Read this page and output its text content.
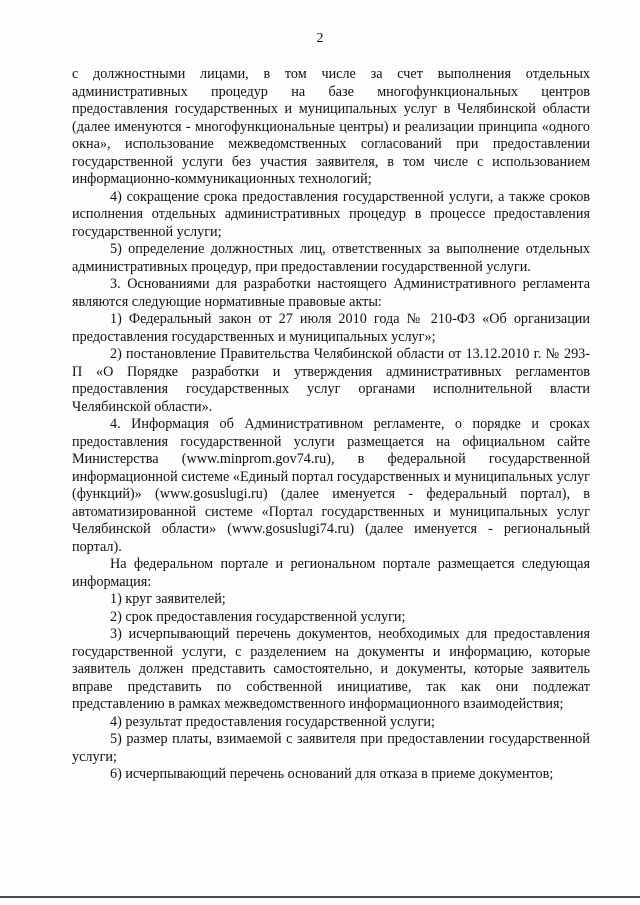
2

с должностными лицами, в том числе за счет выполнения отдельных административных процедур на базе многофункциональных центров предоставления государственных и муниципальных услуг в Челябинской области (далее именуются - многофункциональные центры) и реализации принципа «одного окна», использование межведомственных согласований при предоставлении государственной услуги без участия заявителя, в том числе с использованием информационно-коммуникационных технологий;

4) сокращение срока предоставления государственной услуги, а также сроков исполнения отдельных административных процедур в процессе предоставления государственной услуги;

5) определение должностных лиц, ответственных за выполнение отдельных административных процедур, при предоставлении государственной услуги.

3. Основаниями для разработки настоящего Административного регламента являются следующие нормативные правовые акты:

1) Федеральный закон от 27 июля 2010 года № 210-ФЗ «Об организации предоставления государственных и муниципальных услуг»;

2) постановление Правительства Челябинской области от 13.12.2010 г. № 293-П «О Порядке разработки и утверждения административных регламентов предоставления государственных услуг органами исполнительной власти Челябинской области».

4. Информация об Административном регламенте, о порядке и сроках предоставления государственной услуги размещается на официальном сайте Министерства (www.minprom.gov74.ru), в федеральной государственной информационной системе «Единый портал государственных и муниципальных услуг (функций)» (www.gosuslugi.ru) (далее именуется - федеральный портал), в автоматизированной системе «Портал государственных и муниципальных услуг Челябинской области» (www.gosuslugi74.ru) (далее именуется - региональный портал).

На федеральном портале и региональном портале размещается следующая информация:

1) круг заявителей;

2) срок предоставления государственной услуги;

3) исчерпывающий перечень документов, необходимых для предоставления государственной услуги, с разделением на документы и информацию, которые заявитель должен представить самостоятельно, и документы, которые заявитель вправе представить по собственной инициативе, так как они подлежат представлению в рамках межведомственного информационного взаимодействия;

4) результат предоставления государственной услуги;

5) размер платы, взимаемой с заявителя при предоставлении государственной услуги;

6) исчерпывающий перечень оснований для отказа в приеме документов;
